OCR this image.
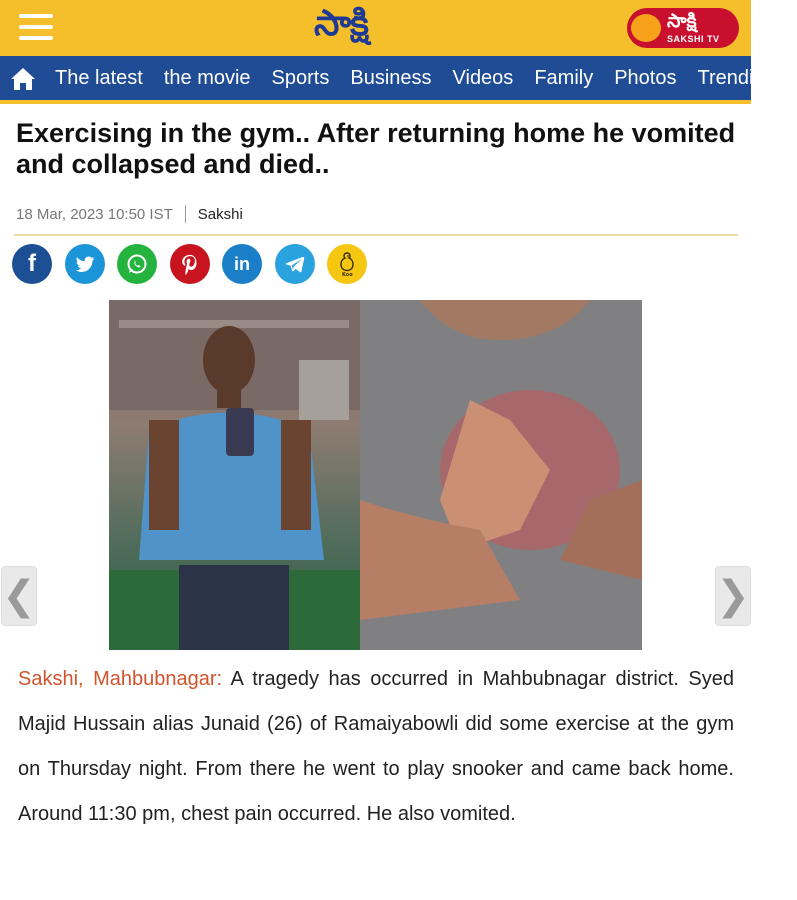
సాక్షి	సాక్షి
SAKSHI TV
The latest the movie Sports Business Videos Family Photos Trending
Exercising in the gym.. After returning home he vomited and collapsed and died..
18 Mar, 2023 10:50 IST Sakshi
f	in
Koo
❮	❯

Sakshi, Mahbubnagar: A tragedy has occurred in Mahbubnagar district. Syed Majid Hussain alias Junaid (26) of Ramaiyabowli did some exercise at the gym on Thursday night. From there he went to play snooker and came back home. Around 11:30 pm, chest pain occurred. He also vomited.
